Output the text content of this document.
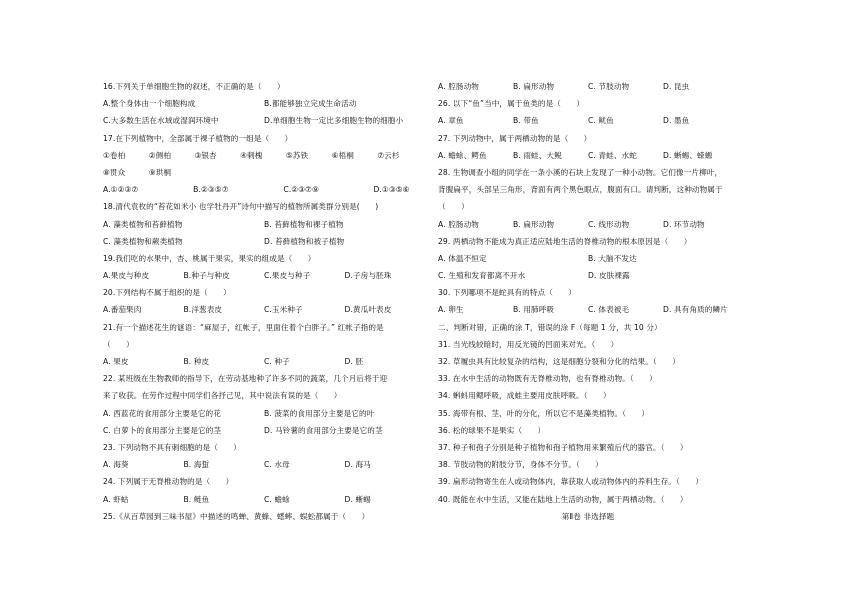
16.下列关于单细胞生物的叙述，不正确的是（　　）
A.整个身体由一个细胞构成	B.都能够独立完成生命活动
C.大多数生活在水域或湿润环境中	D.单细胞生物一定比多细胞生物的细胞小
17.在下列植物中，全部属于裸子植物的一组是（　　）
①卷柏	②侧柏	③银杏	④剌槐	⑤苏铁	⑥梧桐	⑦云杉
⑧贯众	⑨珙桐
A.①②③⑦	B.②③⑤⑦	C.②③⑦⑨	D.①③⑤⑥
18.清代袁枚的“苔花如米小 也学牡丹开”诗句中描写的植物所属类群分别是(　　)
A. 藻类植物和苔藓植物	B. 苔藓植物和裸子植物
C. 藻类植物和蕨类植物	D. 苔藓植物和被子植物
19.我们吃的水果中，杏、桃属于果实，果实的组成是（　　）
A.果皮与种皮	B.种子与种皮	C.果皮与种子	D.子房与胚珠
20.下列结构不属于组织的是（　　）
A.番茄果肉	B.洋葱表皮	C.玉米种子	D.黄瓜叶表皮
21.有一个描述花生的谜语：“麻屋子，红帐子，里面住着个白胖子。” 红帐子指的是
（　　）
A. 果皮	B. 种皮	C. 种子	D. 胚
22. 某班级在生物教师的指导下，在劳动基地种了许多不同的蔬菜，几个月后将于迎
来了收获。在劳作过程中同学们各抒己见，其中说法有误的是（　　）
A. 西蓝花的食用部分主要是它的花	B. 菠菜的食用部分主要是它的叶
C. 白萝卜的食用部分主要是它的茎	D. 马铃薯的食用部分主要是它的茎
23. 下列动物不具有刺细胞的是（　　）
A. 海葵	B. 海蜇	C. 水母	D. 海马
24. 下列属于无脊椎动物的是（　　）
A. 虾蛄	B. 鲢鱼	C. 蟾蜍	D. 蜥蜴
25.《从百草园到三味书屋》中描述的鸣蝉、黄蜂、蟋蟀、蜈蚣都属于（　　）
A. 腔肠动物	B. 扁形动物	C. 节肢动物	D. 昆虫
26. 以下“鱼”当中，属于鱼类的是（　　）
A. 章鱼	B. 带鱼	C. 鱿鱼	D. 墨鱼
27. 下列动物中，属于两栖动物的是（　　）
A. 蟾蜍、鳄鱼	B. 雨蛙、大鲵	C. 青蛙、水蛇	D. 蜥蜴、蝾螈
28. 生物调查小组的同学在一条小溪的石块上发现了一种小动物。它们像一片柳叶，
背腹扁平，头部呈三角形，背面有两个黑色眼点，腹面有口。请判断，这种动物属于
（　　）
A. 腔肠动物	B. 扁形动物	C. 线形动物	D. 环节动物
29. 两栖动物不能成为真正适应陆地生活的脊椎动物的根本原因是（　　）
A. 体温不恒定	B. 大脑不发达
C. 生殖和发育都离不开水	D. 皮肤裸露
30. 下列哪项不是蛇具有的特点（　　）
A. 卵生	B. 用肺呼吸	C. 体表被毛	D. 具有角质的鳞片
二、判断对错，正确的涂 T，错误的涂 F（每题 1 分，共 10 分）
31. 当光线较暗时，用反光镜的凹面来对光。（　　）
32. 草履虫具有比较复杂的结构，这是细胞分裂和分化的结果。（　　）
33. 在水中生活的动物既有无脊椎动物，也有脊椎动物。（　　）
34. 蝌蚪用鳃呼吸，成蛙主要用皮肤呼吸。（　　）
35. 海带有根、茎、叶的分化，所以它不是藻类植物。（　　）
36. 松的球果不是果实（　　）
37. 种子和孢子分别是种子植物和孢子植物用来繁殖后代的器官。（　　）
38. 节肢动物的附肢分节，身体不分节。（　　）
39. 扁形动物寄生在人或动物体内，靠获取人或动物体内的养料生存。（　　）
40. 既能在水中生活，又能在陆地上生活的动物，属于两栖动物。（　　）
第Ⅱ卷 非选择题
